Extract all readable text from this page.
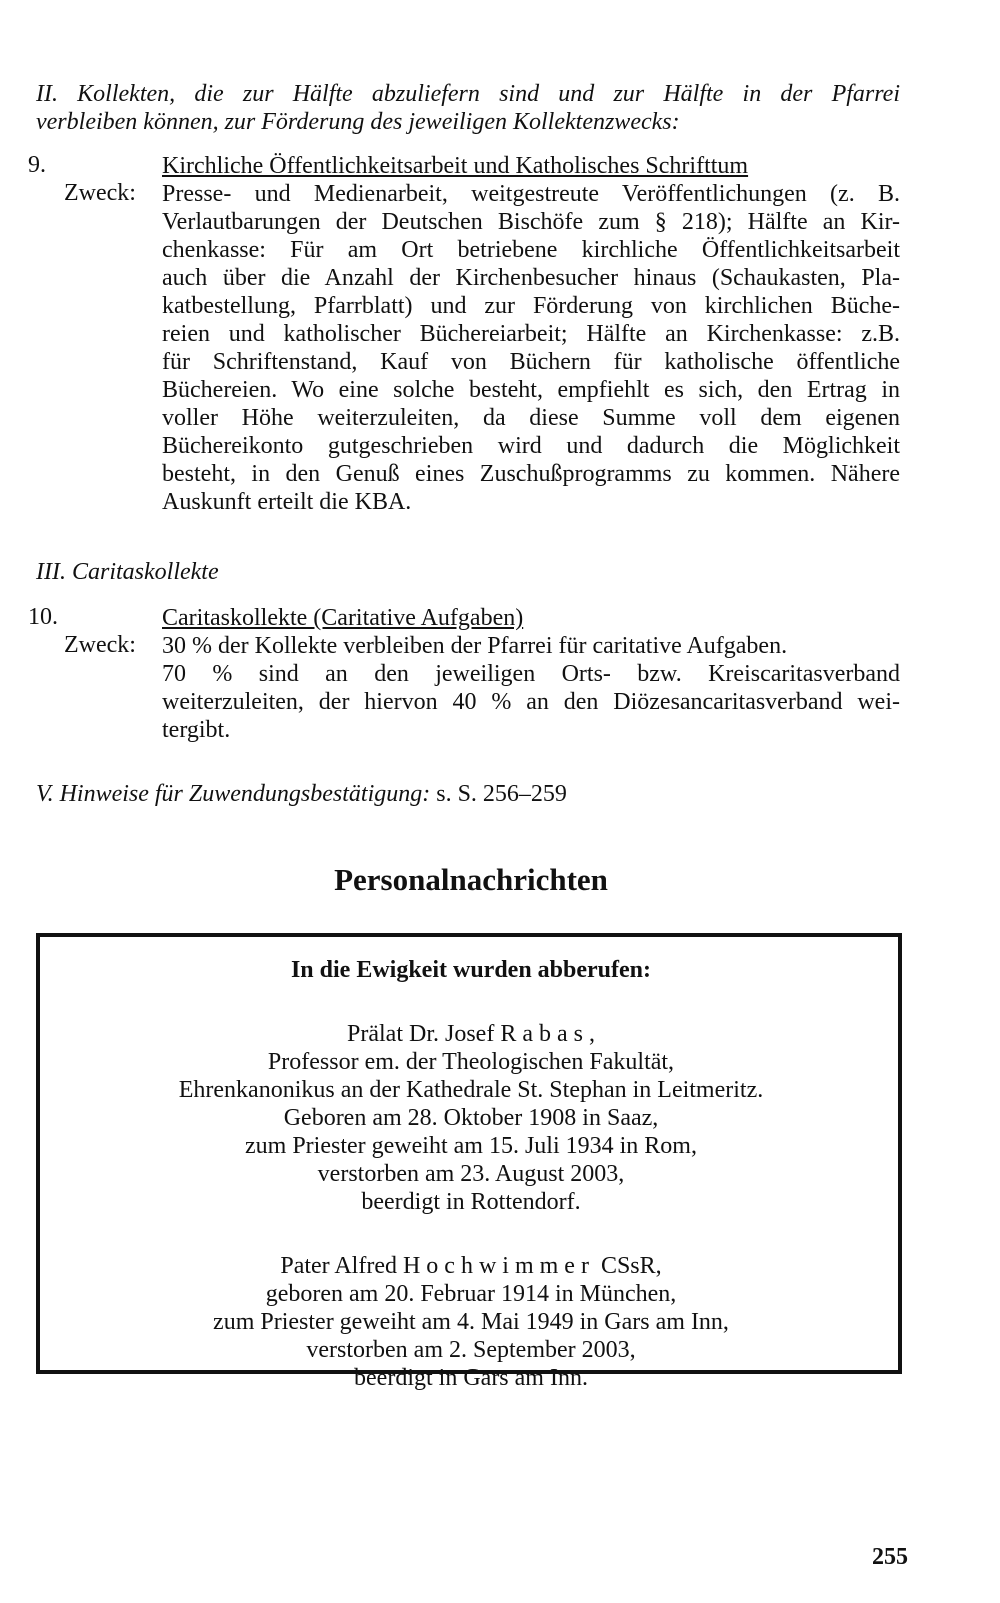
II. Kollekten, die zur Hälfte abzuliefern sind und zur Hälfte in der Pfarrei
verbleiben können, zur Förderung des jeweiligen Kollektenzwecks:
9.	Kirchliche Öffentlichkeitsarbeit und Katholisches Schrifttum
Zweck: Presse- und Medienarbeit, weitgestreute Veröffentlichungen (z. B.
Verlautbarungen der Deutschen Bischöfe zum § 218); Hälfte an Kir-
chenkasse: Für am Ort betriebene kirchliche Öffentlichkeitsarbeit
auch über die Anzahl der Kirchenbesucher hinaus (Schaukasten, Pla-
katbestellung, Pfarrblatt) und zur Förderung von kirchlichen Büche-
reien und katholischer Büchereiarbeit; Hälfte an Kirchenkasse: z.B.
für Schriftenstand, Kauf von Büchern für katholische öffentliche
Büchereien. Wo eine solche besteht, empfiehlt es sich, den Ertrag in
voller Höhe weiterzuleiten, da diese Summe voll dem eigenen
Büchereikonto gutgeschrieben wird und dadurch die Möglichkeit
besteht, in den Genuß eines Zuschußprogramms zu kommen. Nähere
Auskunft erteilt die KBA.
III. Caritaskollekte
10.	Caritaskollekte (Caritative Aufgaben)
Zweck: 30 % der Kollekte verbleiben der Pfarrei für caritative Aufgaben.
70 % sind an den jeweiligen Orts- bzw. Kreiscaritasverband
weiterzuleiten, der hiervon 40 % an den Diözesancaritasverband wei-
tergibt.
V. Hinweise für Zuwendungsbestätigung: s. S. 256–259
Personalnachrichten
In die Ewigkeit wurden abberufen:
Prälat Dr. Josef Rabas,
Professor em. der Theologischen Fakultät,
Ehrenkanonikus an der Kathedrale St. Stephan in Leitmeritz.
Geboren am 28. Oktober 1908 in Saaz,
zum Priester geweiht am 15. Juli 1934 in Rom,
verstorben am 23. August 2003,
beerdigt in Rottendorf.
Pater Alfred Hochwimmer CSsR,
geboren am 20. Februar 1914 in München,
zum Priester geweiht am 4. Mai 1949 in Gars am Inn,
verstorben am 2. September 2003,
beerdigt in Gars am Inn.
255
